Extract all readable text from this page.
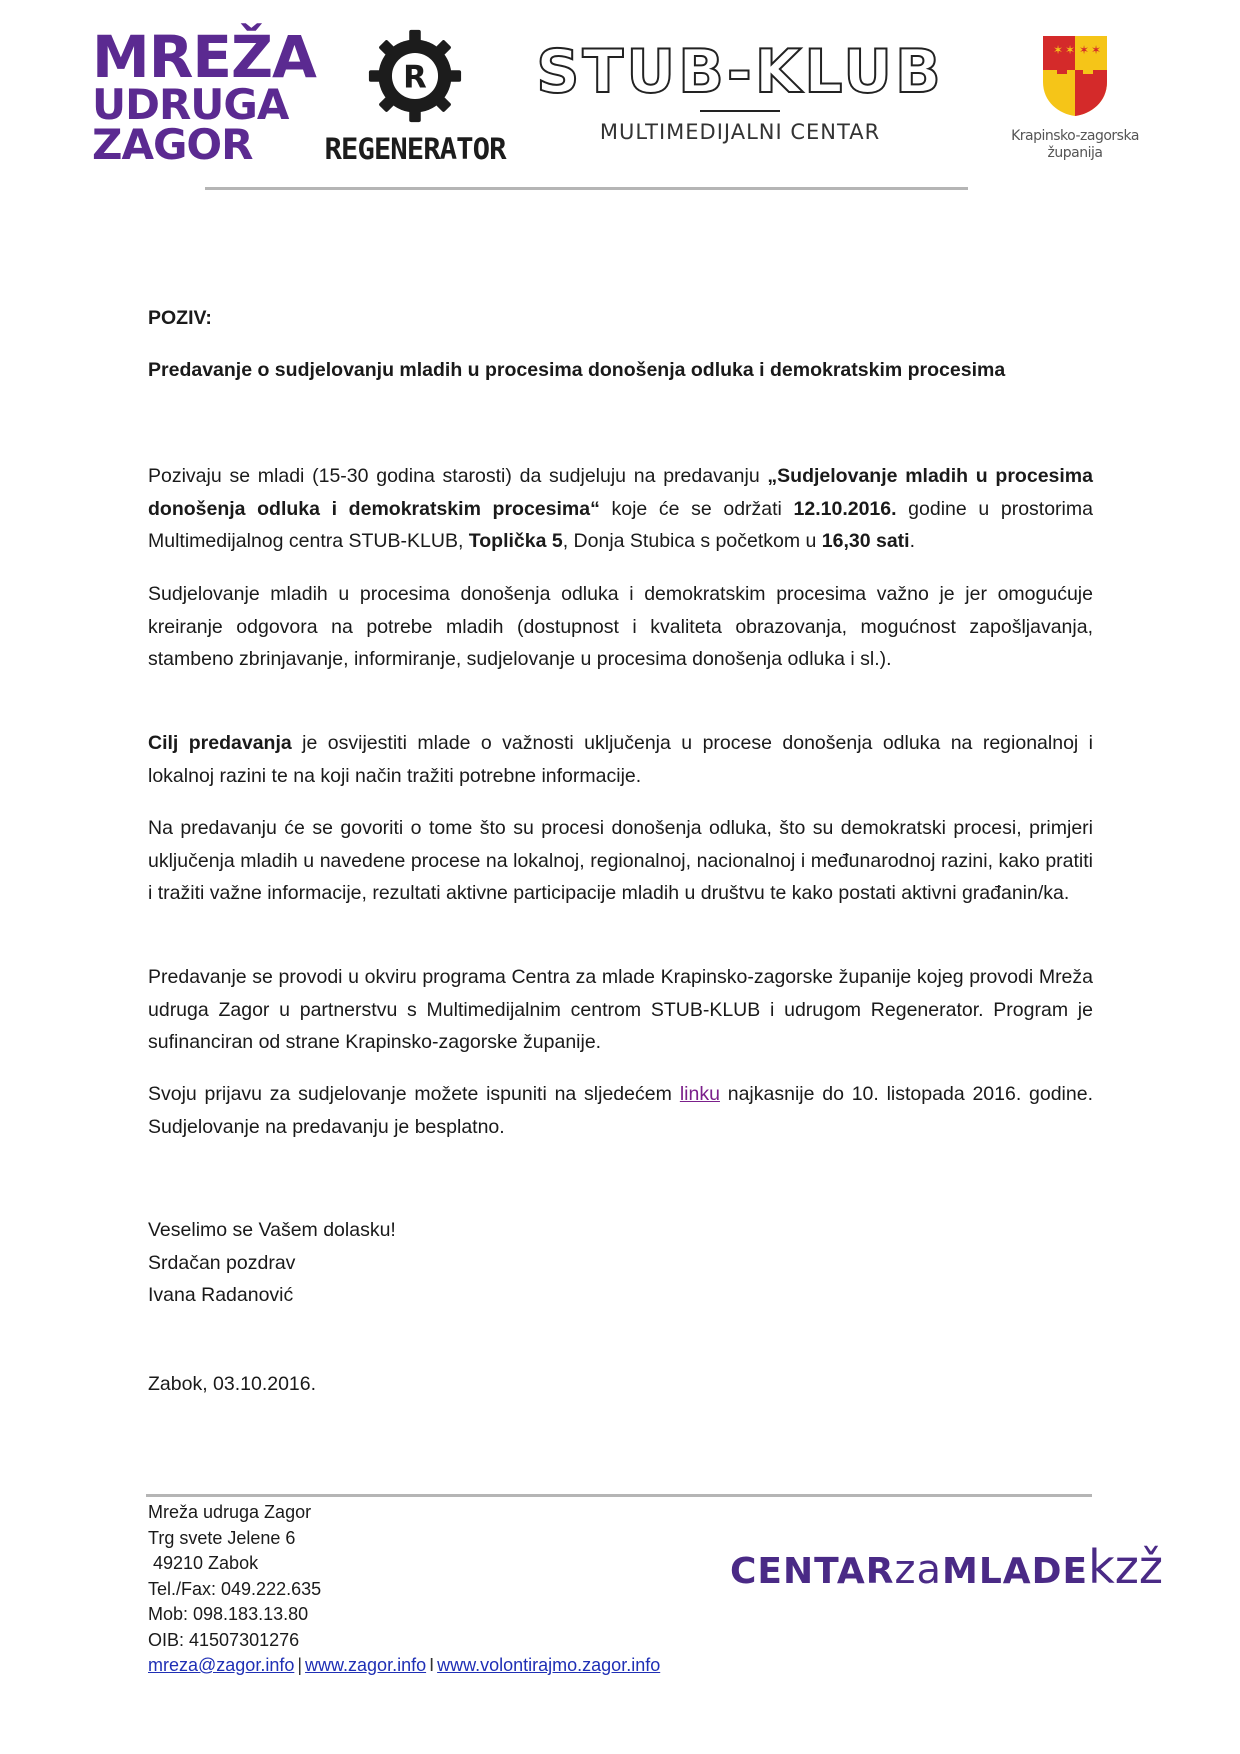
MREŽA
UDRUGA
ZAGOR
R
REGENERATOR
STUB-KLUB
MULTIMEDIJALNI CENTAR
✶ ✶ ✶ ✶
Krapinsko-zagorska
županija
POZIV:
Predavanje o sudjelovanju mladih u procesima donošenja odluka i demokratskim procesima
Pozivaju se mladi (15-30 godina starosti) da sudjeluju na predavanju „Sudjelovanje mladih u procesima donošenja odluka i demokratskim procesima“ koje će se održati 12.10.2016. godine u prostorima Multimedijalnog centra STUB-KLUB, Toplička 5, Donja Stubica s početkom u 16,30 sati.
Sudjelovanje mladih u procesima donošenja odluka i demokratskim procesima važno je jer omogućuje kreiranje odgovora na potrebe mladih (dostupnost i kvaliteta obrazovanja, mogućnost zapošljavanja, stambeno zbrinjavanje, informiranje, sudjelovanje u procesima donošenja odluka i sl.).
Cilj predavanja je osvijestiti mlade o važnosti uključenja u procese donošenja odluka na regionalnoj i lokalnoj razini te na koji način tražiti potrebne informacije.
Na predavanju će se govoriti o tome što su procesi donošenja odluka, što su demokratski procesi, primjeri uključenja mladih u navedene procese na lokalnoj, regionalnoj, nacionalnoj i međunarodnoj razini, kako pratiti i tražiti važne informacije, rezultati aktivne participacije mladih u društvu te kako postati aktivni građanin/ka.
Predavanje se provodi u okviru programa Centra za mlade Krapinsko-zagorske županije kojeg provodi Mreža udruga Zagor u partnerstvu s Multimedijalnim centrom STUB-KLUB i udrugom Regenerator. Program je sufinanciran od strane Krapinsko-zagorske županije.
Svoju prijavu za sudjelovanje možete ispuniti na sljedećem linku najkasnije do 10. listopada 2016. godine. Sudjelovanje na predavanju je besplatno.
Veselimo se Vašem dolasku!
Srdačan pozdrav
Ivana Radanović
Zabok, 03.10.2016.
Mreža udruga Zagor
Trg svete Jelene 6
49210 Zabok
Tel./Fax: 049.222.635
Mob: 098.183.13.80
OIB: 41507301276
mreza@zagor.info | www.zagor.info I www.volontirajmo.zagor.info
CENTARzaMLADEkzž
